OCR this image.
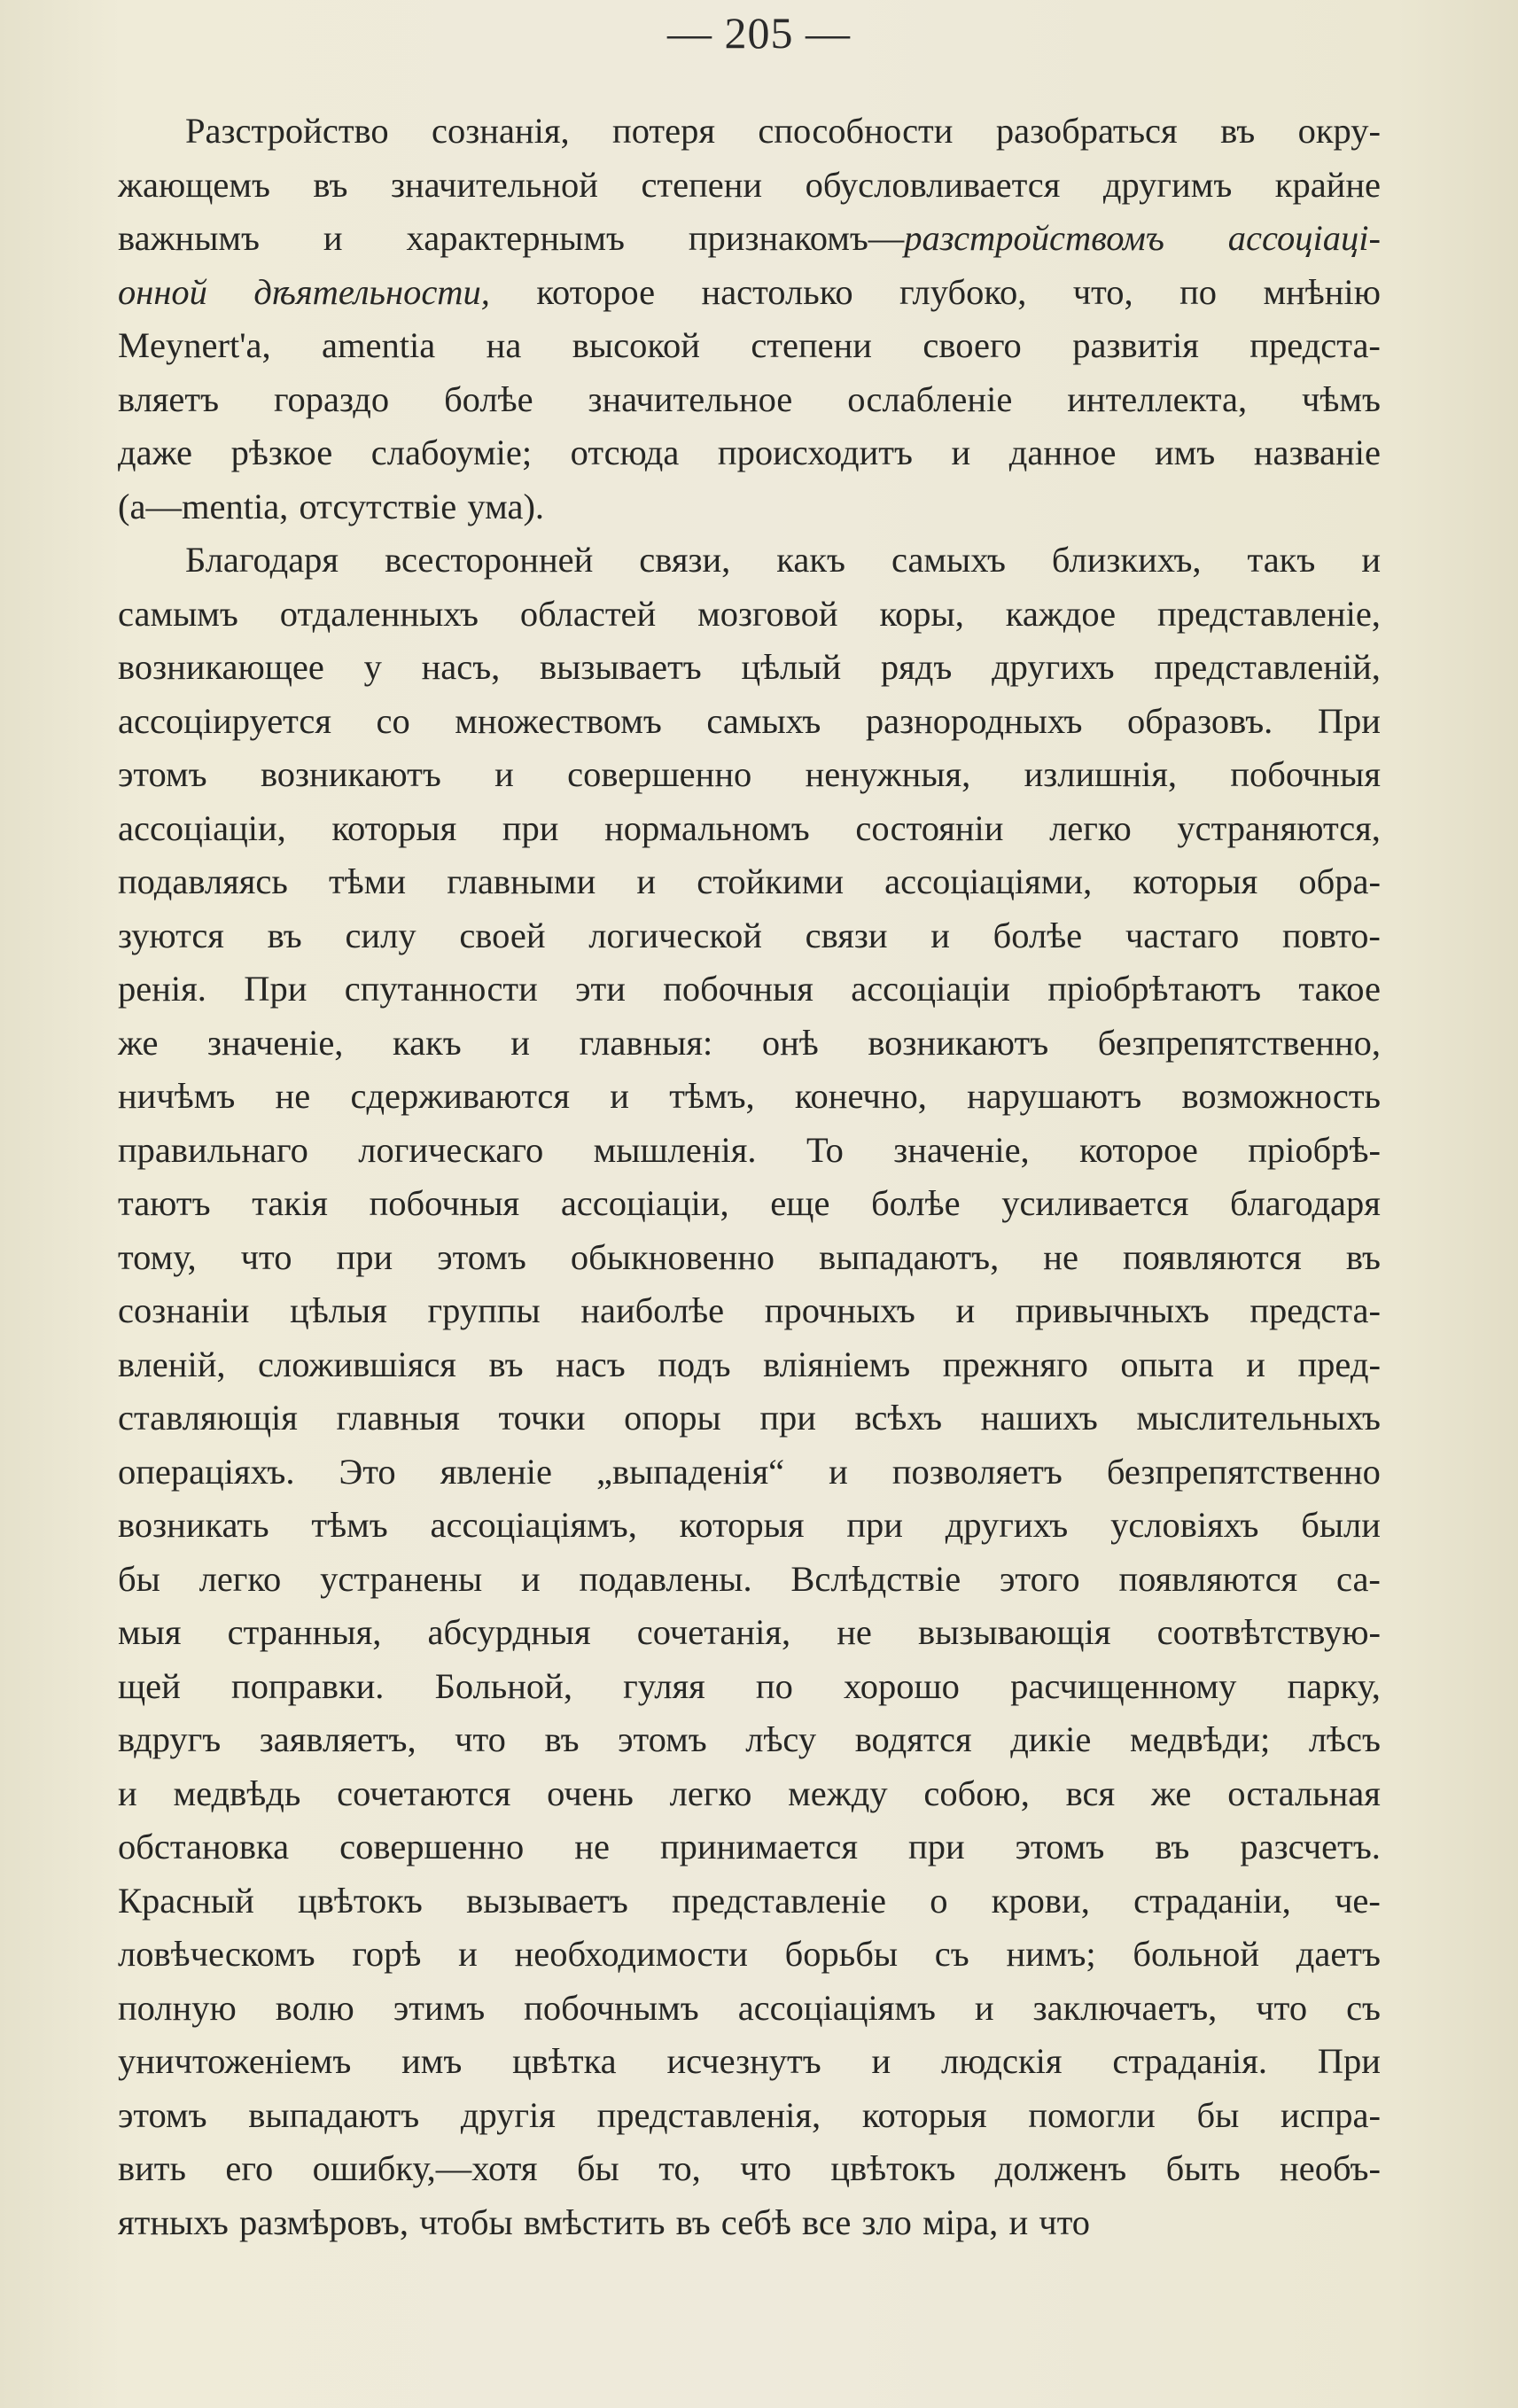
— 205 —
Разстройство сознанія, потеря способности разобраться въ окру-
жающемъ въ значительной степени обусловливается другимъ крайне
важнымъ и характернымъ признакомъ—разстройствомъ ассоціаці-
онной дѣятельности, которое настолько глубоко, что, по мнѣнію
Meynert'a, amentia на высокой степени своего развитія предста-
вляетъ гораздо болѣе значительное ослабленіе интеллекта, чѣмъ
даже рѣзкое слабоуміе; отсюда происходитъ и данное имъ названіе
(a—mentia, отсутствіе ума).
Благодаря всесторонней связи, какъ самыхъ близкихъ, такъ и
самымъ отдаленныхъ областей мозговой коры, каждое представленіе,
возникающее у насъ, вызываетъ цѣлый рядъ другихъ представленій,
ассоціируется со множествомъ самыхъ разнородныхъ образовъ. При
этомъ возникаютъ и совершенно ненужныя, излишнія, побочныя
ассоціаціи, которыя при нормальномъ состояніи легко устраняются,
подавляясь тѣми главными и стойкими ассоціаціями, которыя обра-
зуются въ силу своей логической связи и болѣе частаго повто-
ренія. При спутанности эти побочныя ассоціаціи пріобрѣтаютъ такое
же значеніе, какъ и главныя: онѣ возникаютъ безпрепятственно,
ничѣмъ не сдерживаются и тѣмъ, конечно, нарушаютъ возможность
правильнаго логическаго мышленія. То значеніе, которое пріобрѣ-
таютъ такія побочныя ассоціаціи, еще болѣе усиливается благодаря
тому, что при этомъ обыкновенно выпадаютъ, не появляются въ
сознаніи цѣлыя группы наиболѣе прочныхъ и привычныхъ предста-
вленій, сложившіяся въ насъ подъ вліяніемъ прежняго опыта и пред-
ставляющія главныя точки опоры при всѣхъ нашихъ мыслительныхъ
операціяхъ. Это явленіе „выпаденія“ и позволяетъ безпрепятственно
возникать тѣмъ ассоціаціямъ, которыя при другихъ условіяхъ были
бы легко устранены и подавлены. Вслѣдствіе этого появляются са-
мыя странныя, абсурдныя сочетанія, не вызывающія соотвѣтствую-
щей поправки. Больной, гуляя по хорошо расчищенному парку,
вдругъ заявляетъ, что въ этомъ лѣсу водятся дикіе медвѣди; лѣсъ
и медвѣдь сочетаются очень легко между собою, вся же остальная
обстановка совершенно не принимается при этомъ въ разсчетъ.
Красный цвѣтокъ вызываетъ представленіе о крови, страданіи, че-
ловѣческомъ горѣ и необходимости борьбы съ нимъ; больной даетъ
полную волю этимъ побочнымъ ассоціаціямъ и заключаетъ, что съ
уничтоженіемъ имъ цвѣтка исчезнутъ и людскія страданія. При
этомъ выпадаютъ другія представленія, которыя помогли бы испра-
вить его ошибку,—хотя бы то, что цвѣтокъ долженъ быть необъ-
ятныхъ размѣровъ, чтобы вмѣстить въ себѣ все зло міра, и что
